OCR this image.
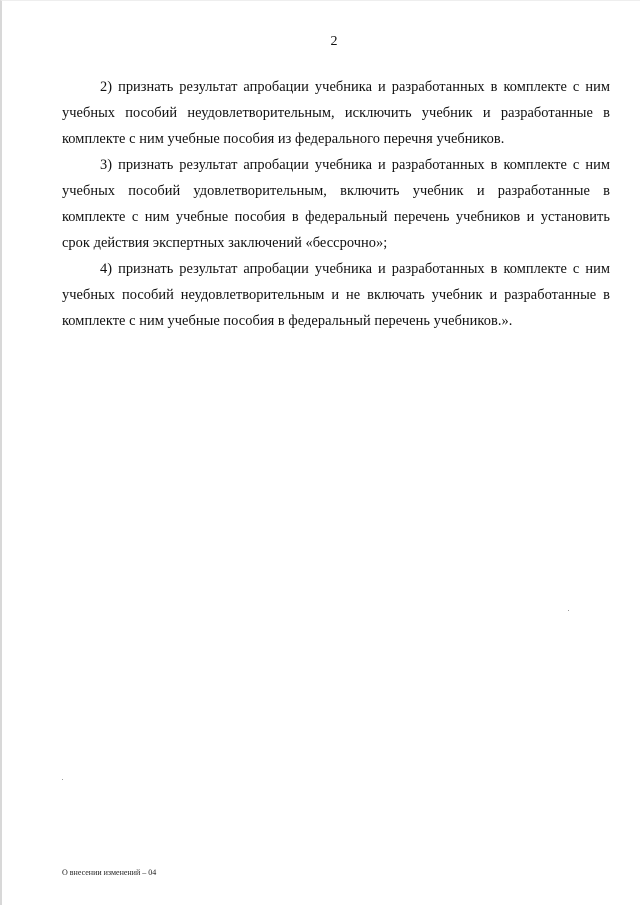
2

2) признать результат апробации учебника и разработанных в комплекте с ним учебных пособий неудовлетворительным, исключить учебник и разработанные в комплекте с ним учебные пособия из федерального перечня учебников.

3) признать результат апробации учебника и разработанных в комплекте с ним учебных пособий удовлетворительным, включить учебник и разработанные в комплекте с ним учебные пособия в федеральный перечень учебников и установить срок действия экспертных заключений «бессрочно»;

4) признать результат апробации учебника и разработанных в комплекте с ним учебных пособий неудовлетворительным и не включать учебник и разработанные в комплекте с ним учебные пособия в федеральный перечень учебников.».

О внесении изменений – 04
